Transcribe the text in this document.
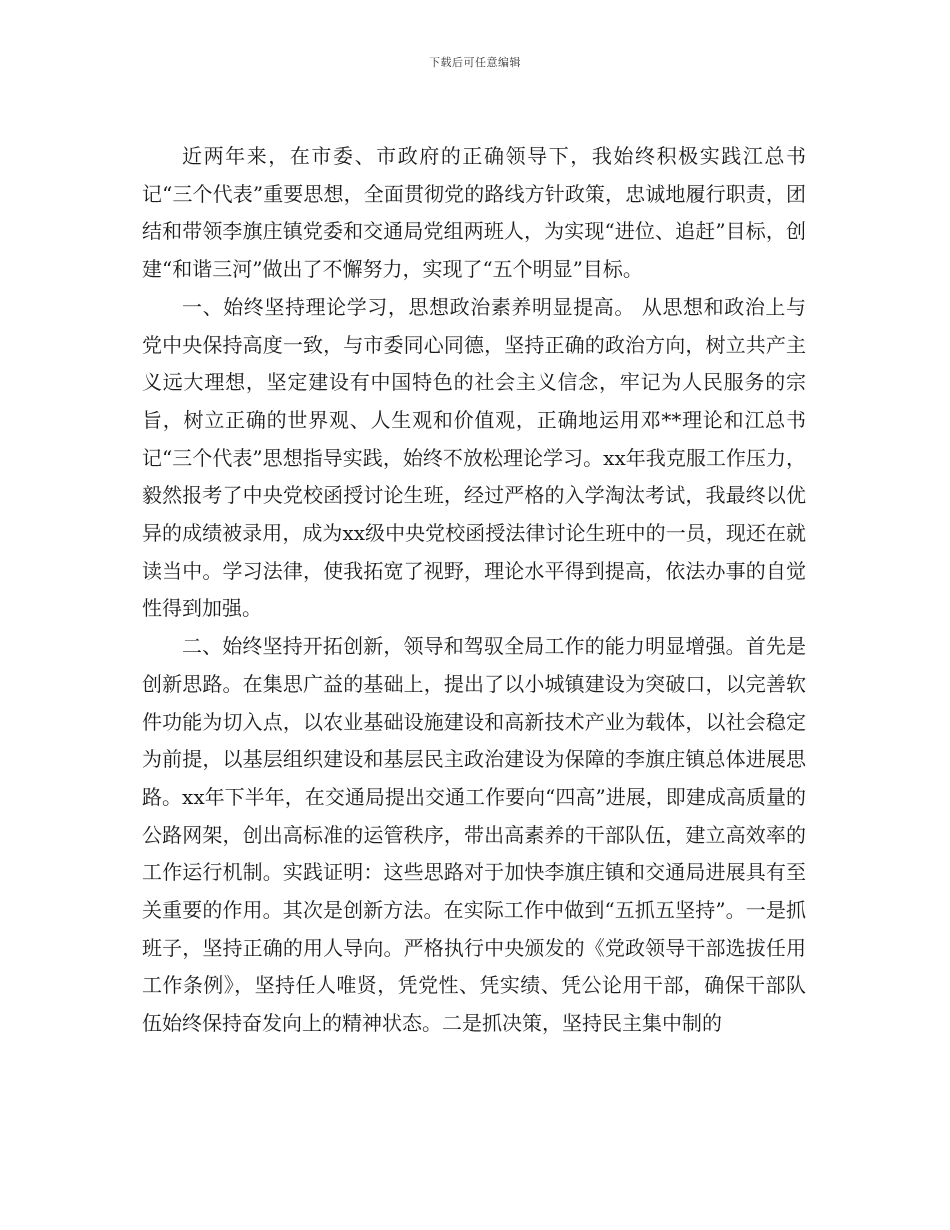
下载后可任意编辑

近两年来，在市委、市政府的正确领导下，我始终积极实践江总书记“三个代表”重要思想，全面贯彻党的路线方针政策，忠诚地履行职责，团结和带领李旗庄镇党委和交通局党组两班人，为实现“进位、追赶”目标，创建“和谐三河”做出了不懈努力，实现了“五个明显”目标。

一、始终坚持理论学习，思想政治素养明显提高。 从思想和政治上与党中央保持高度一致，与市委同心同德，坚持正确的政治方向，树立共产主义远大理想，坚定建设有中国特色的社会主义信念，牢记为人民服务的宗旨，树立正确的世界观、人生观和价值观，正确地运用邓**理论和江总书记“三个代表”思想指导实践，始终不放松理论学习。xx年我克服工作压力，毅然报考了中央党校函授讨论生班，经过严格的入学淘汰考试，我最终以优异的成绩被录用，成为xx级中央党校函授法律讨论生班中的一员，现还在就读当中。学习法律，使我拓宽了视野，理论水平得到提高，依法办事的自觉性得到加强。

二、始终坚持开拓创新，领导和驾驭全局工作的能力明显增强。首先是创新思路。在集思广益的基础上，提出了以小城镇建设为突破口，以完善软件功能为切入点，以农业基础设施建设和高新技术产业为载体，以社会稳定为前提，以基层组织建设和基层民主政治建设为保障的李旗庄镇总体进展思路。xx年下半年，在交通局提出交通工作要向“四高”进展，即建成高质量的公路网架，创出高标准的运管秩序，带出高素养的干部队伍，建立高效率的工作运行机制。实践证明：这些思路对于加快李旗庄镇和交通局进展具有至关重要的作用。其次是创新方法。在实际工作中做到“五抓五坚持”。一是抓班子，坚持正确的用人导向。严格执行中央颁发的《党政领导干部选拔任用工作条例》，坚持任人唯贤，凭党性、凭实绩、凭公论用干部，确保干部队伍始终保持奋发向上的精神状态。二是抓决策，坚持民主集中制的
